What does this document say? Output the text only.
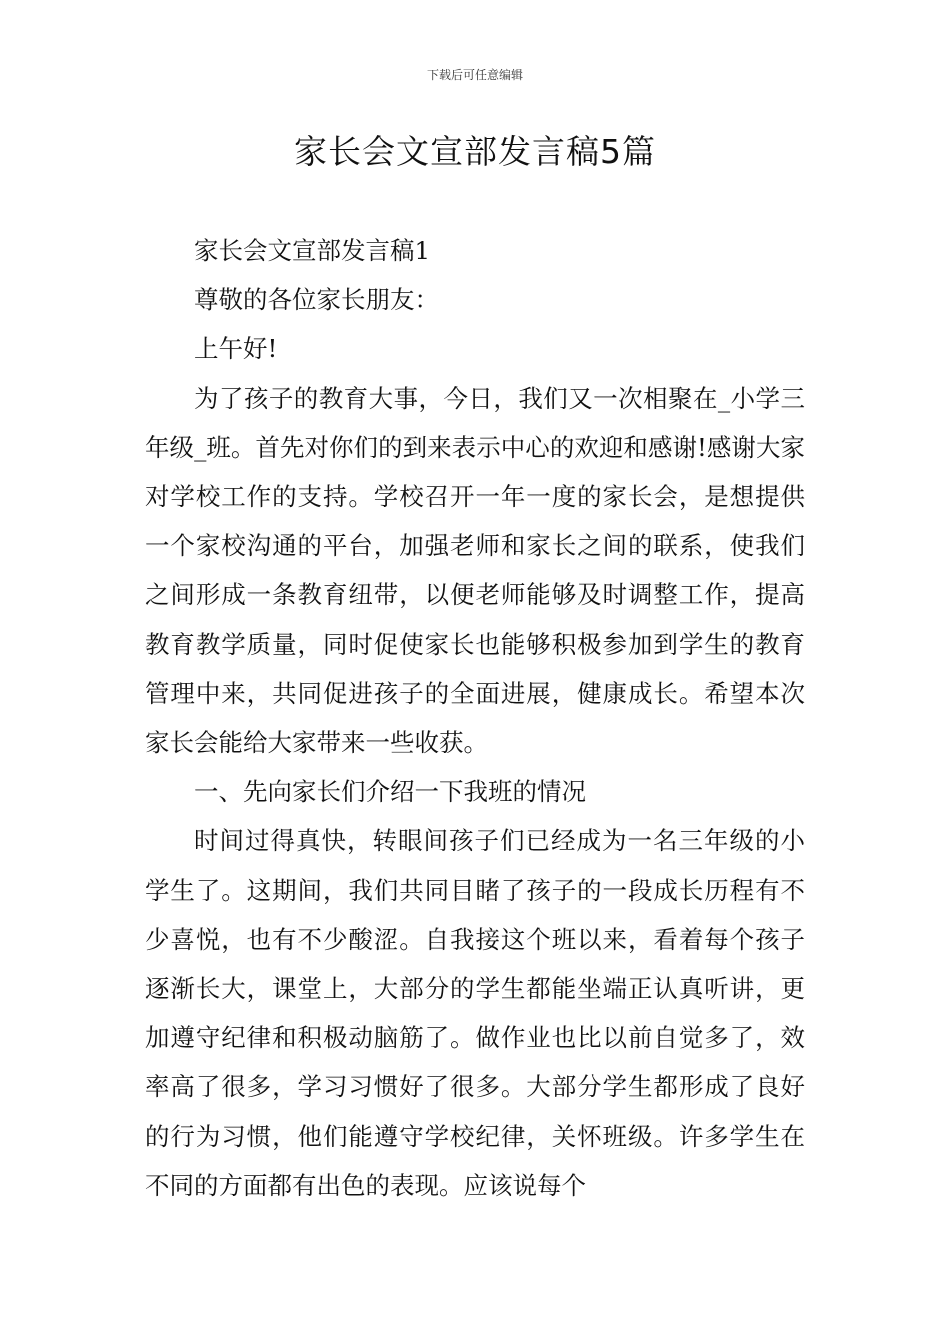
下载后可任意编辑
家长会文宣部发言稿5篇

家长会文宣部发言稿1

尊敬的各位家长朋友：

上午好!

为了孩子的教育大事，今日，我们又一次相聚在_小学三年级_班。首先对你们的到来表示中心的欢迎和感谢!感谢大家对学校工作的支持。学校召开一年一度的家长会，是想提供一个家校沟通的平台，加强老师和家长之间的联系，使我们之间形成一条教育纽带，以便老师能够及时调整工作，提高教育教学质量，同时促使家长也能够积极参加到学生的教育管理中来，共同促进孩子的全面进展，健康成长。希望本次家长会能给大家带来一些收获。

一、先向家长们介绍一下我班的情况

时间过得真快，转眼间孩子们已经成为一名三年级的小学生了。这期间，我们共同目睹了孩子的一段成长历程有不少喜悦，也有不少酸涩。自我接这个班以来，看着每个孩子逐渐长大，课堂上，大部分的学生都能坐端正认真听讲，更加遵守纪律和积极动脑筋了。做作业也比以前自觉多了，效率高了很多，学习习惯好了很多。大部分学生都形成了良好的行为习惯，他们能遵守学校纪律，关怀班级。许多学生在不同的方面都有出色的表现。应该说每个
